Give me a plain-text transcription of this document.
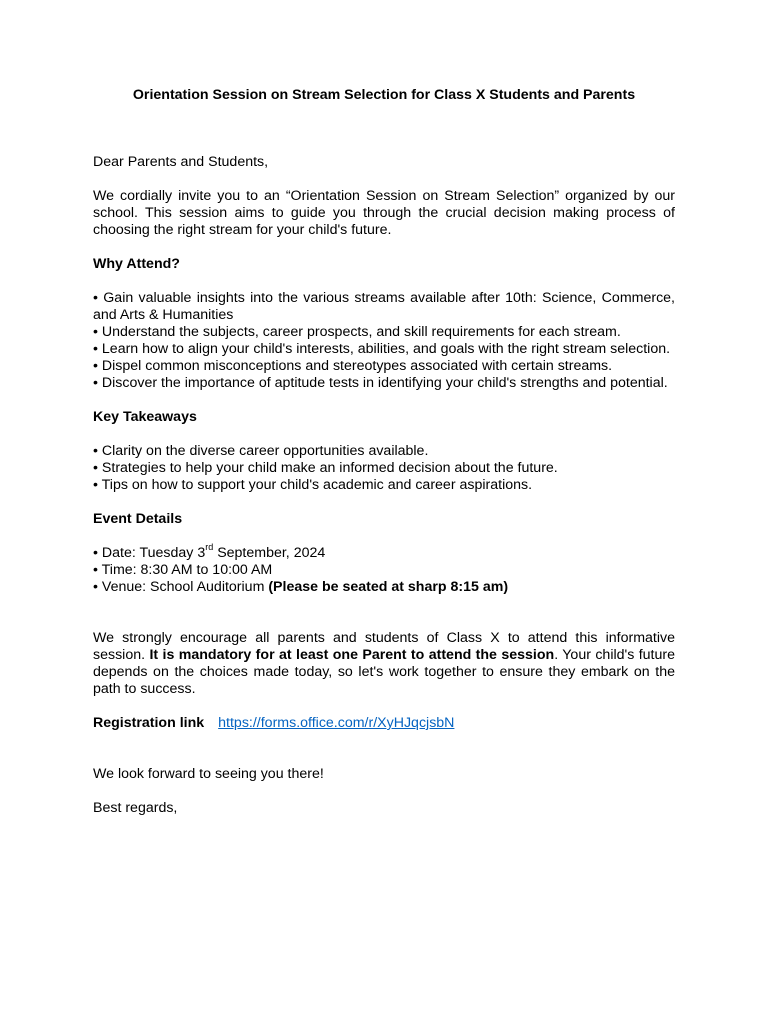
Orientation Session on Stream Selection for Class X Students and Parents

Dear Parents and Students,

We cordially invite you to an “Orientation Session on Stream Selection” organized by our school. This session aims to guide you through the crucial decision making process of choosing the right stream for your child's future.

Why Attend?

• Gain valuable insights into the various streams available after 10th: Science, Commerce, and Arts & Humanities

• Understand the subjects, career prospects, and skill requirements for each stream.

• Learn how to align your child's interests, abilities, and goals with the right stream selection.

• Dispel common misconceptions and stereotypes associated with certain streams.

• Discover the importance of aptitude tests in identifying your child's strengths and potential.

Key Takeaways

• Clarity on the diverse career opportunities available.

• Strategies to help your child make an informed decision about the future.

• Tips on how to support your child's academic and career aspirations.

Event Details

• Date: Tuesday 3rd September, 2024

• Time: 8:30 AM to 10:00 AM

• Venue: School Auditorium (Please be seated at sharp 8:15 am)

We strongly encourage all parents and students of Class X to attend this informative session. It is mandatory for at least one Parent to attend the session. Your child's future depends on the choices made today, so let's work together to ensure they embark on the path to success.

Registration link https://forms.office.com/r/XyHJqcjsbN

We look forward to seeing you there!

Best regards,
